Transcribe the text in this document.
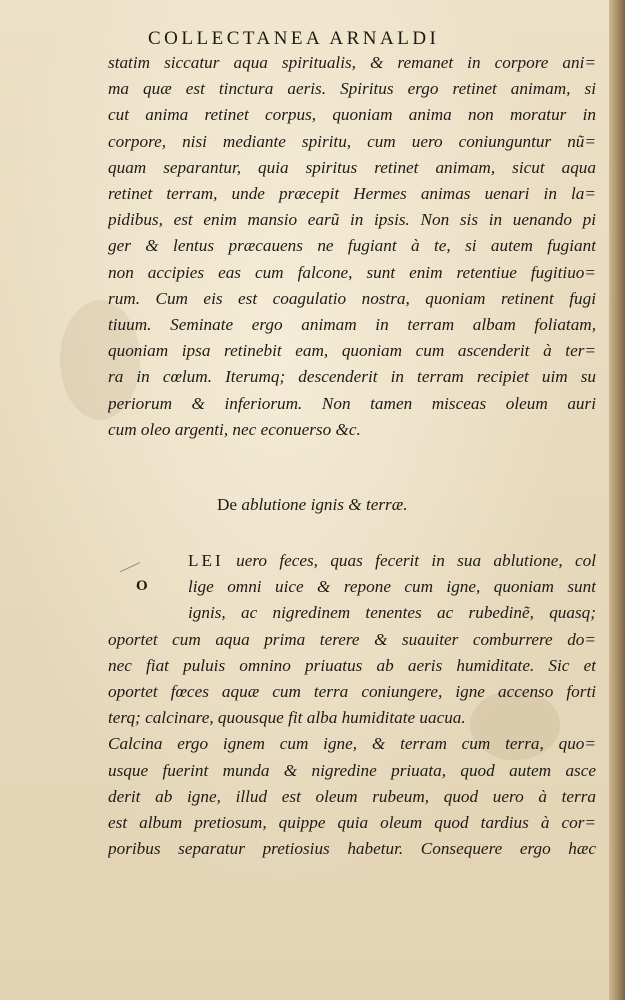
COLLECTANEA ARNALDI
statim siccatur aqua spiritualis, & remanet in corpore ani=
ma quæ est tinctura aeris. Spiritus ergo retinet animam, si
cut anima retinet corpus, quoniam anima non moratur in
corpore, nisi mediante spiritu, cum uero coniunguntur nũ=
quam separantur, quia spiritus retinet animam, sicut aqua
retinet terram, unde præcepit Hermes animas uenari in la=
pidibus, est enim mansio earũ in ipsis. Non sis in uenando pi
ger & lentus præcauens ne fugiant à te, si autem fugiant
non accipies eas cum falcone, sunt enim retentiue fugitiuo=
rum. Cum eis est coagulatio nostra, quoniam retinent fugi
tiuum. Seminate ergo animam in terram albam foliatam,
quoniam ipsa retinebit eam, quoniam cum ascenderit à ter=
ra in cœlum. Iterumq; descenderit in terram recipiet uim su
periorum & inferiorum. Non tamen misceas oleum auri
cum oleo argenti, nec econuerso &c.
De ablutione ignis & terræ.
O
LEI uero feces, quas fecerit in sua ablutione, col
lige omni uice & repone cum igne, quoniam sunt
ignis, ac nigredinem tenentes ac rubedinẽ, quasq;
oportet cum aqua prima terere & suauiter comburrere do=
nec fiat puluis omnino priuatus ab aeris humiditate. Sic et
oportet fœces aquæ cum terra coniungere, igne accenso forti
terq; calcinare, quousque fit alba humiditate uacua.
Calcina ergo ignem cum igne, & terram cum terra, quo=
usque fuerint munda & nigredine priuata, quod autem asce
derit ab igne, illud est oleum rubeum, quod uero à terra
est album pretiosum, quippe quia oleum quod tardius à cor=
poribus separatur pretiosius habetur. Consequere ergo hæc
